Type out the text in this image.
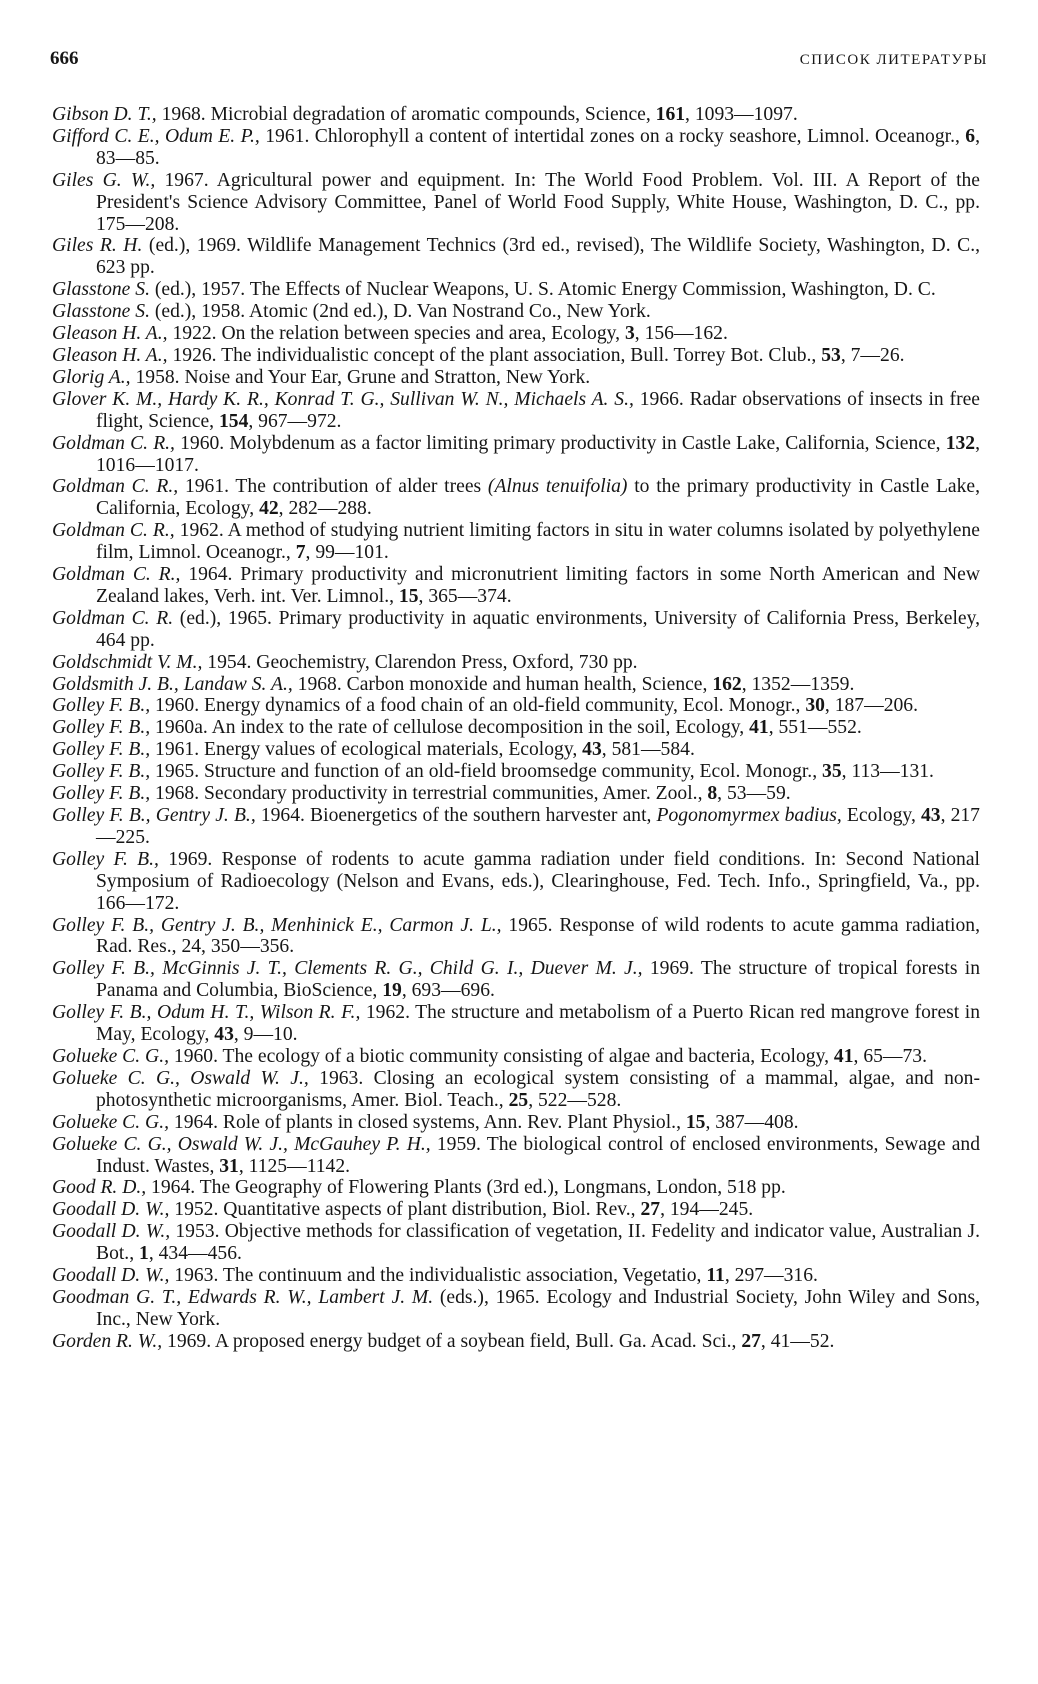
666	СПИСОК ЛИТЕРАТУРЫ
Gibson D. T., 1968. Microbial degradation of aromatic compounds, Science, 161, 1093—1097.
Gifford C. E., Odum E. P., 1961. Chlorophyll a content of intertidal zones on a rocky seashore, Limnol. Oceanogr., 6, 83—85.
Giles G. W., 1967. Agricultural power and equipment. In: The World Food Problem. Vol. III. A Report of the President's Science Advisory Committee, Panel of World Food Supply, White House, Washington, D. C., pp. 175—208.
Giles R. H. (ed.), 1969. Wildlife Management Technics (3rd ed., revised), The Wildlife Society, Washington, D. C., 623 pp.
Glasstone S. (ed.), 1957. The Effects of Nuclear Weapons, U. S. Atomic Energy Commission, Washington, D. C.
Glasstone S. (ed.), 1958. Atomic (2nd ed.), D. Van Nostrand Co., New York.
Gleason H. A., 1922. On the relation between species and area, Ecology, 3, 156—162.
Gleason H. A., 1926. The individualistic concept of the plant association, Bull. Torrey Bot. Club., 53, 7—26.
Glorig A., 1958. Noise and Your Ear, Grune and Stratton, New York.
Glover K. M., Hardy K. R., Konrad T. G., Sullivan W. N., Michaels A. S., 1966. Radar observations of insects in free flight, Science, 154, 967—972.
Goldman C. R., 1960. Molybdenum as a factor limiting primary productivity in Castle Lake, California, Science, 132, 1016—1017.
Goldman C. R., 1961. The contribution of alder trees (Alnus tenuifolia) to the primary productivity in Castle Lake, California, Ecology, 42, 282—288.
Goldman C. R., 1962. A method of studying nutrient limiting factors in situ in water columns isolated by polyethylene film, Limnol. Oceanogr., 7, 99—101.
Goldman C. R., 1964. Primary productivity and micronutrient limiting factors in some North American and New Zealand lakes, Verh. int. Ver. Limnol., 15, 365—374.
Goldman C. R. (ed.), 1965. Primary productivity in aquatic environments, University of California Press, Berkeley, 464 pp.
Goldschmidt V. M., 1954. Geochemistry, Clarendon Press, Oxford, 730 pp.
Goldsmith J. B., Landaw S. A., 1968. Carbon monoxide and human health, Science, 162, 1352—1359.
Golley F. B., 1960. Energy dynamics of a food chain of an old-field community, Ecol. Monogr., 30, 187—206.
Golley F. B., 1960a. An index to the rate of cellulose decomposition in the soil, Ecology, 41, 551—552.
Golley F. B., 1961. Energy values of ecological materials, Ecology, 43, 581—584.
Golley F. B., 1965. Structure and function of an old-field broomsedge community, Ecol. Monogr., 35, 113—131.
Golley F. B., 1968. Secondary productivity in terrestrial communities, Amer. Zool., 8, 53—59.
Golley F. B., Gentry J. B., 1964. Bioenergetics of the southern harvester ant, Pogonomyrmex badius, Ecology, 43, 217—225.
Golley F. B., 1969. Response of rodents to acute gamma radiation under field conditions. In: Second National Symposium of Radioecology (Nelson and Evans, eds.), Clearinghouse, Fed. Tech. Info., Springfield, Va., pp. 166—172.
Golley F. B., Gentry J. B., Menhinick E., Carmon J. L., 1965. Response of wild rodents to acute gamma radiation, Rad. Res., 24, 350—356.
Golley F. B., McGinnis J. T., Clements R. G., Child G. I., Duever M. J., 1969. The structure of tropical forests in Panama and Columbia, BioScience, 19, 693—696.
Golley F. B., Odum H. T., Wilson R. F., 1962. The structure and metabolism of a Puerto Rican red mangrove forest in May, Ecology, 43, 9—10.
Golueke C. G., 1960. The ecology of a biotic community consisting of algae and bacteria, Ecology, 41, 65—73.
Golueke C. G., Oswald W. J., 1963. Closing an ecological system consisting of a mammal, algae, and non-photosynthetic microorganisms, Amer. Biol. Teach., 25, 522—528.
Golueke C. G., 1964. Role of plants in closed systems, Ann. Rev. Plant Physiol., 15, 387—408.
Golueke C. G., Oswald W. J., McGauhey P. H., 1959. The biological control of enclosed environments, Sewage and Indust. Wastes, 31, 1125—1142.
Good R. D., 1964. The Geography of Flowering Plants (3rd ed.), Longmans, London, 518 pp.
Goodall D. W., 1952. Quantitative aspects of plant distribution, Biol. Rev., 27, 194—245.
Goodall D. W., 1953. Objective methods for classification of vegetation, II. Fedelity and indicator value, Australian J. Bot., 1, 434—456.
Goodall D. W., 1963. The continuum and the individualistic association, Vegetatio, 11, 297—316.
Goodman G. T., Edwards R. W., Lambert J. M. (eds.), 1965. Ecology and Industrial Society, John Wiley and Sons, Inc., New York.
Gorden R. W., 1969. A proposed energy budget of a soybean field, Bull. Ga. Acad. Sci., 27, 41—52.
